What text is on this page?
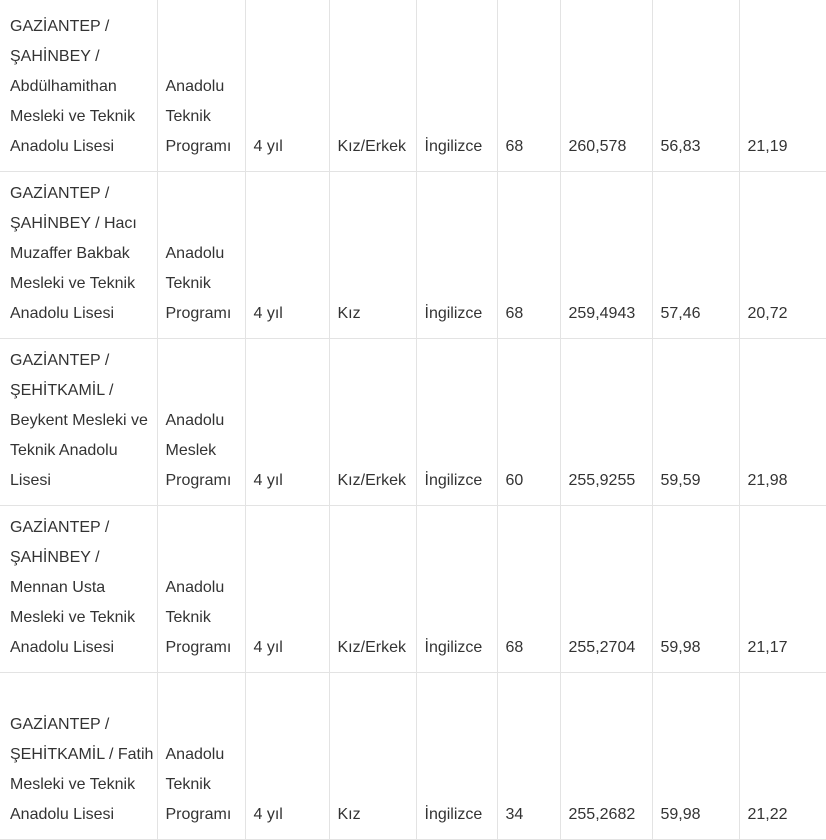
GAZİANTEP / ŞAHİNBEY / Abdülhamithan Mesleki ve Teknik Anadolu Lisesi	Anadolu Teknik Programı	4 yıl	Kız/Erkek	İngilizce	68	260,578	56,83	21,19

GAZİANTEP / ŞAHİNBEY / Hacı Muzaffer Bakbak Mesleki ve Teknik Anadolu Lisesi	Anadolu Teknik Programı	4 yıl	Kız	İngilizce	68	259,4943	57,46	20,72

GAZİANTEP / ŞEHİTKAMİL / Beykent Mesleki ve Teknik Anadolu Lisesi	Anadolu Meslek Programı	4 yıl	Kız/Erkek	İngilizce	60	255,9255	59,59	21,98

GAZİANTEP / ŞAHİNBEY / Mennan Usta Mesleki ve Teknik Anadolu Lisesi	Anadolu Teknik Programı	4 yıl	Kız/Erkek	İngilizce	68	255,2704	59,98	21,17

GAZİANTEP / ŞEHİTKAMİL / Fatih Mesleki ve Teknik Anadolu Lisesi	Anadolu Teknik Programı	4 yıl	Kız	İngilizce	34	255,2682	59,98	21,22
